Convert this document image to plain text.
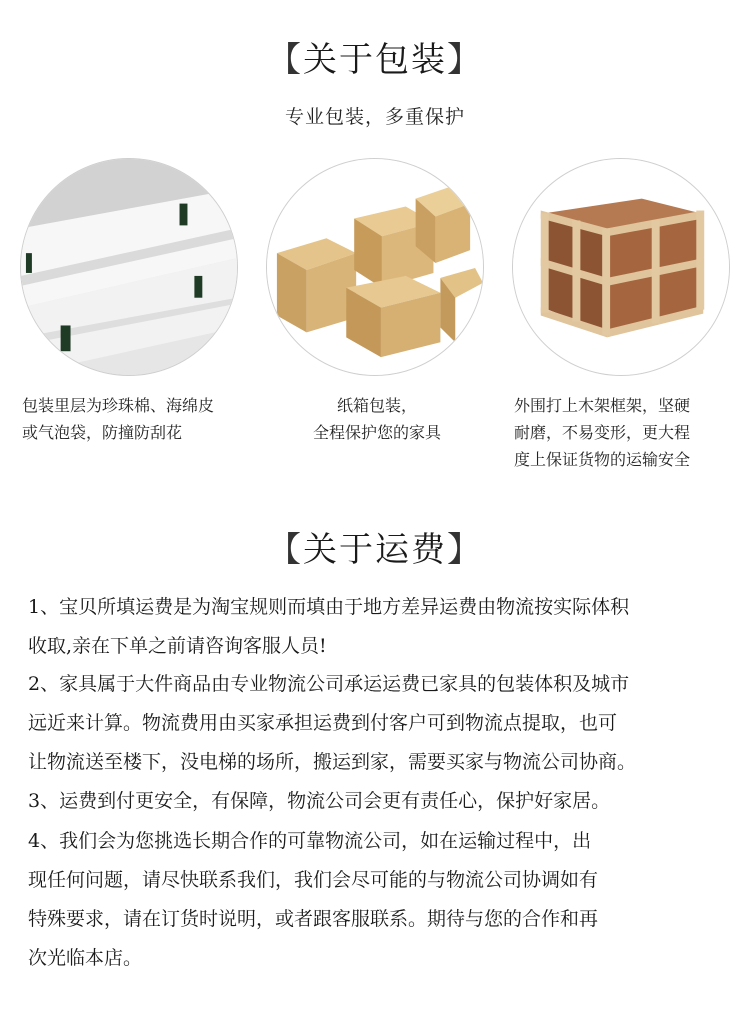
【关于包装】
专业包装，多重保护
包装里层为珍珠棉、海绵皮
或气泡袋，防撞防刮花
纸箱包装，
全程保护您的家具
外围打上木架框架，坚硬
耐磨，不易变形，更大程
度上保证货物的运输安全
【关于运费】
1、宝贝所填运费是为淘宝规则而填由于地方差异运费由物流按实际体积
收取,亲在下单之前请咨询客服人员!
2、家具属于大件商品由专业物流公司承运运费已家具的包装体积及城市
远近来计算。物流费用由买家承担运费到付客户可到物流点提取，也可
让物流送至楼下，没电梯的场所，搬运到家，需要买家与物流公司协商。
3、运费到付更安全，有保障，物流公司会更有责任心，保护好家居。
4、我们会为您挑选长期合作的可靠物流公司，如在运输过程中，出
现任何问题，请尽快联系我们，我们会尽可能的与物流公司协调如有
特殊要求，请在订货时说明，或者跟客服联系。期待与您的合作和再
次光临本店。
